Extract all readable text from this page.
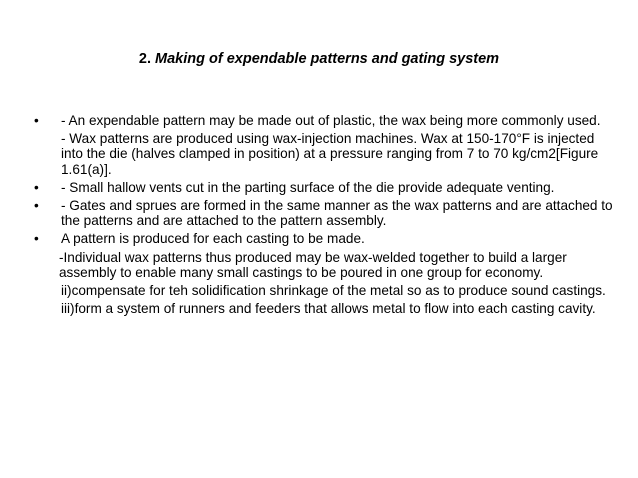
2. Making of expendable patterns and gating system
• - An expendable pattern may be made out of plastic, the wax being more commonly used.
- Wax patterns are produced using wax-injection machines. Wax at 150-170°F is injected into the die (halves clamped in position) at a pressure ranging from 7 to 70 kg/cm2[Figure 1.61(a)].
• - Small hallow vents cut in the parting surface of the die provide adequate venting.
• - Gates and sprues are formed in the same manner as the wax patterns and are attached to the patterns and are attached to the pattern assembly.
• A pattern is produced for each casting to be made.
-Individual wax patterns thus produced may be wax-welded together to build a larger assembly to enable many small castings to be poured in one group for economy.
ii)compensate for teh solidification shrinkage of the metal so as to produce sound castings.
iii)form a system of runners and feeders that allows metal to flow into each casting cavity.
